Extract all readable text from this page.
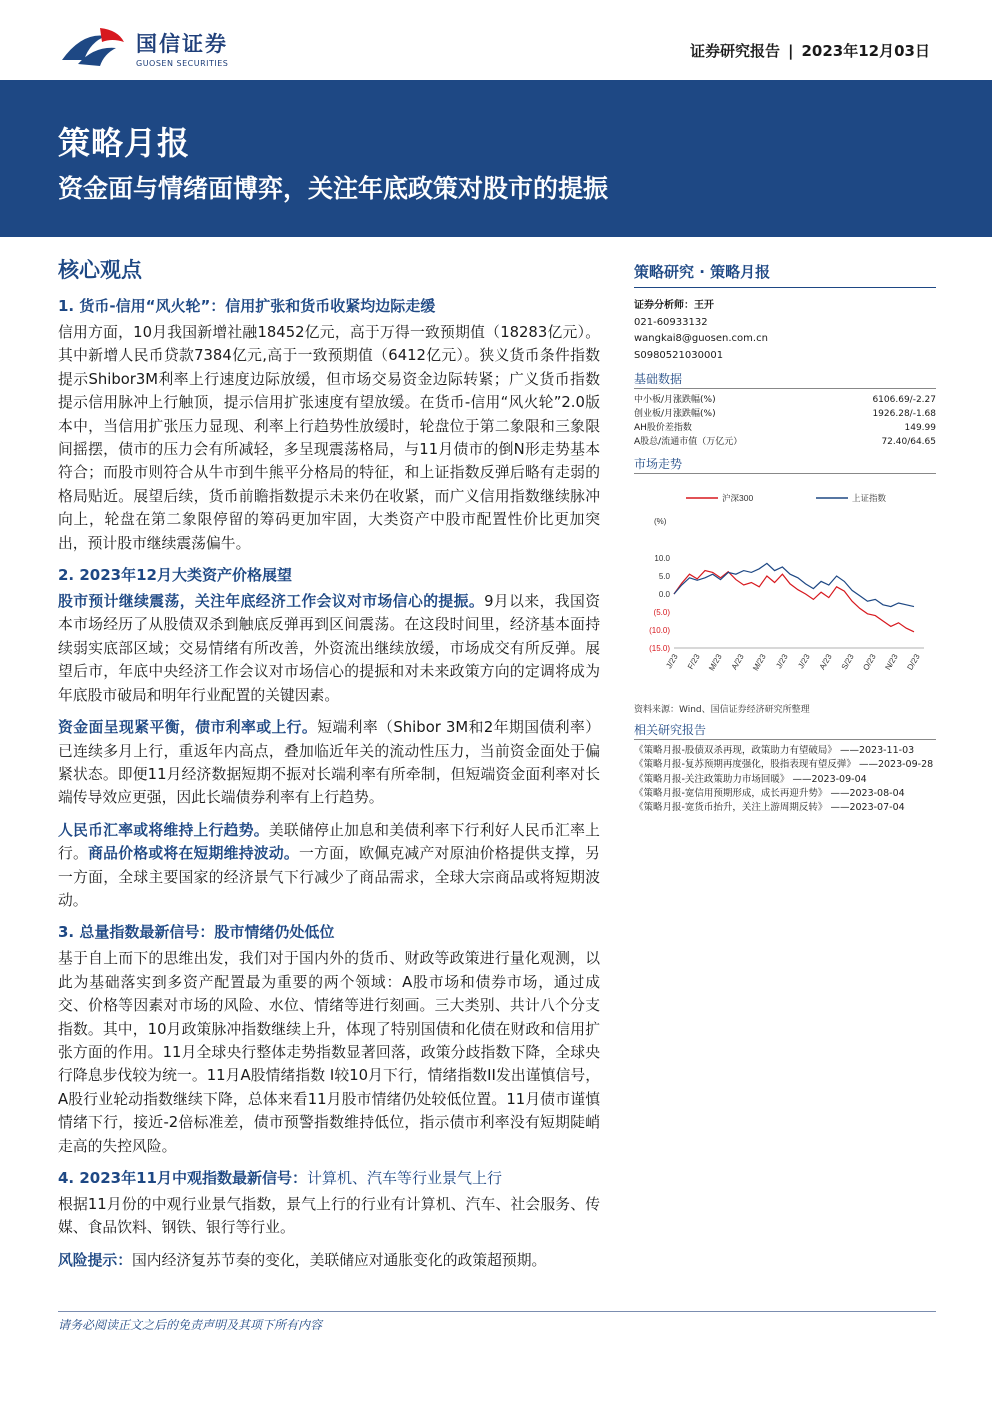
国信证券
GUOSEN SECURITIES
证券研究报告 | 2023年12月03日
策略月报
资金面与情绪面博弈，关注年底政策对股市的提振
核心观点
1. 货币-信用“风火轮”：信用扩张和货币收紧均边际走缓

信用方面，10月我国新增社融18452亿元，高于万得一致预期值（18283亿元）。其中新增人民币贷款7384亿元,高于一致预期值（6412亿元）。狭义货币条件指数提示Shibor3M利率上行速度边际放缓，但市场交易资金边际转紧；广义货币指数提示信用脉冲上行触顶，提示信用扩张速度有望放缓。在货币-信用“风火轮”2.0版本中，当信用扩张压力显现、利率上行趋势性放缓时，轮盘位于第二象限和三象限间摇摆，债市的压力会有所减轻，多呈现震荡格局，与11月债市的倒N形走势基本符合；而股市则符合从牛市到牛熊平分格局的特征，和上证指数反弹后略有走弱的格局贴近。展望后续，货币前瞻指数提示未来仍在收紧，而广义信用指数继续脉冲向上，轮盘在第二象限停留的筹码更加牢固，大类资产中股市配置性价比更加突出，预计股市继续震荡偏牛。

2. 2023年12月大类资产价格展望

股市预计继续震荡，关注年底经济工作会议对市场信心的提振。9月以来，我国资本市场经历了从股债双杀到触底反弹再到区间震荡。在这段时间里，经济基本面持续弱实底部区域；交易情绪有所改善，外资流出继续放缓，市场成交有所反弹。展望后市，年底中央经济工作会议对市场信心的提振和对未来政策方向的定调将成为年底股市破局和明年行业配置的关键因素。

资金面呈现紧平衡，债市利率或上行。短端利率（Shibor 3M和2年期国债利率）已连续多月上行，重返年内高点，叠加临近年关的流动性压力，当前资金面处于偏紧状态。即便11月经济数据短期不振对长端利率有所牵制，但短端资金面利率对长端传导效应更强，因此长端债券利率有上行趋势。

人民币汇率或将维持上行趋势。美联储停止加息和美债利率下行利好人民币汇率上行。商品价格或将在短期维持波动。一方面，欧佩克减产对原油价格提供支撑，另一方面，全球主要国家的经济景气下行减少了商品需求，全球大宗商品或将短期波动。

3. 总量指数最新信号：股市情绪仍处低位

基于自上而下的思维出发，我们对于国内外的货币、财政等政策进行量化观测，以此为基础落实到多资产配置最为重要的两个领域：A股市场和债券市场，通过成交、价格等因素对市场的风险、水位、情绪等进行刻画。三大类别、共计八个分支指数。其中，10月政策脉冲指数继续上升，体现了特别国债和化债在财政和信用扩张方面的作用。11月全球央行整体走势指数显著回落，政策分歧指数下降，全球央行降息步伐较为统一。11月A股情绪指数 I较10月下行，情绪指数II发出谨慎信号，A股行业轮动指数继续下降，总体来看11月股市情绪仍处较低位置。11月债市谨慎情绪下行，接近-2倍标准差，债市预警指数维持低位，指示债市利率没有短期陡峭走高的失控风险。

4. 2023年11月中观指数最新信号：计算机、汽车等行业景气上行

根据11月份的中观行业景气指数，景气上行的行业有计算机、汽车、社会服务、传媒、食品饮料、钢铁、银行等行业。

风险提示：国内经济复苏节奏的变化，美联储应对通胀变化的政策超预期。

策略研究 · 策略月报
证券分析师：王开
021-60933132
wangkai8@guosen.com.cn
S0980521030001
基础数据
中小板/月涨跌幅(%)	6106.69/-2.27
创业板/月涨跌幅(%)	1926.28/-1.68
AH股价差指数	149.99
A股总/流通市值（万亿元）	72.40/64.65
市场走势
沪深300	上证指数
(%)
10.0
5.0
0.0
(5.0)
(10.0)
(15.0)
J/23 F/23 M/23 A/23 M/23 J/23 J/23 A/23 S/23 O/23 N/23 D/23
资料来源：Wind、国信证券经济研究所整理
相关研究报告
《策略月报-股债双杀再现，政策助力有望破局》 ——2023-11-03
《策略月报-复苏预期再度强化，股指表现有望反弹》 ——2023-09-28
《策略月报-关注政策助力市场回暖》 ——2023-09-04
《策略月报-宽信用预期形成，成长再迎升势》 ——2023-08-04
《策略月报-宽货币抬升，关注上游周期反转》 ——2023-07-04
请务必阅读正文之后的免责声明及其项下所有内容
